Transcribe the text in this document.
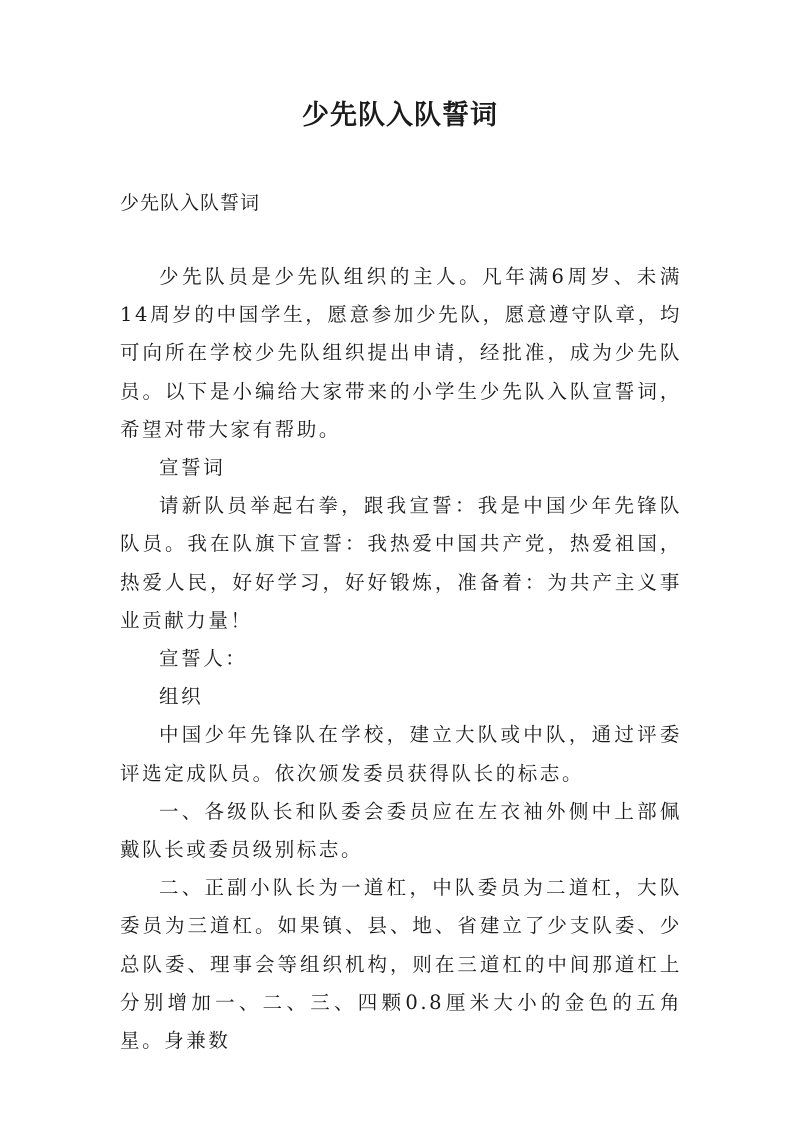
少先队入队誓词
少先队入队誓词

少先队员是少先队组织的主人。凡年满6周岁、未满14周岁的中国学生，愿意参加少先队，愿意遵守队章，均可向所在学校少先队组织提出申请，经批准，成为少先队员。以下是小编给大家带来的小学生少先队入队宣誓词，希望对带大家有帮助。

宣誓词

请新队员举起右拳，跟我宣誓：我是中国少年先锋队队员。我在队旗下宣誓：我热爱中国共产党，热爱祖国，热爱人民，好好学习，好好锻炼，准备着：为共产主义事业贡献力量！

宣誓人：

组织

中国少年先锋队在学校，建立大队或中队，通过评委评选定成队员。依次颁发委员获得队长的标志。

一、各级队长和队委会委员应在左衣袖外侧中上部佩戴队长或委员级别标志。

二、正副小队长为一道杠，中队委员为二道杠，大队委员为三道杠。如果镇、县、地、省建立了少支队委、少总队委、理事会等组织机构，则在三道杠的中间那道杠上分别增加一、二、三、四颗0.8厘米大小的金色的五角星。身兼数
